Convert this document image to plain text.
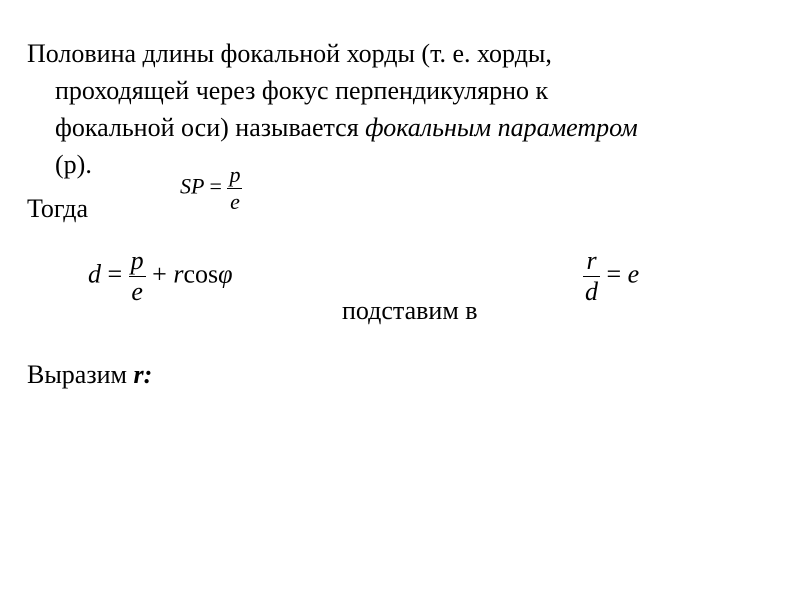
Половина длины фокальной хорды (т. е. хорды,
проходящей через фокус перпендикулярно к
фокальной оси) называется фокальным параметром
(p).
SP = $\frac{p}{e}$
Тогда
$d = \frac{p}{e} + rcos\varphi$
подставим в
$\frac{r}{d} = e$
Выразим r:
